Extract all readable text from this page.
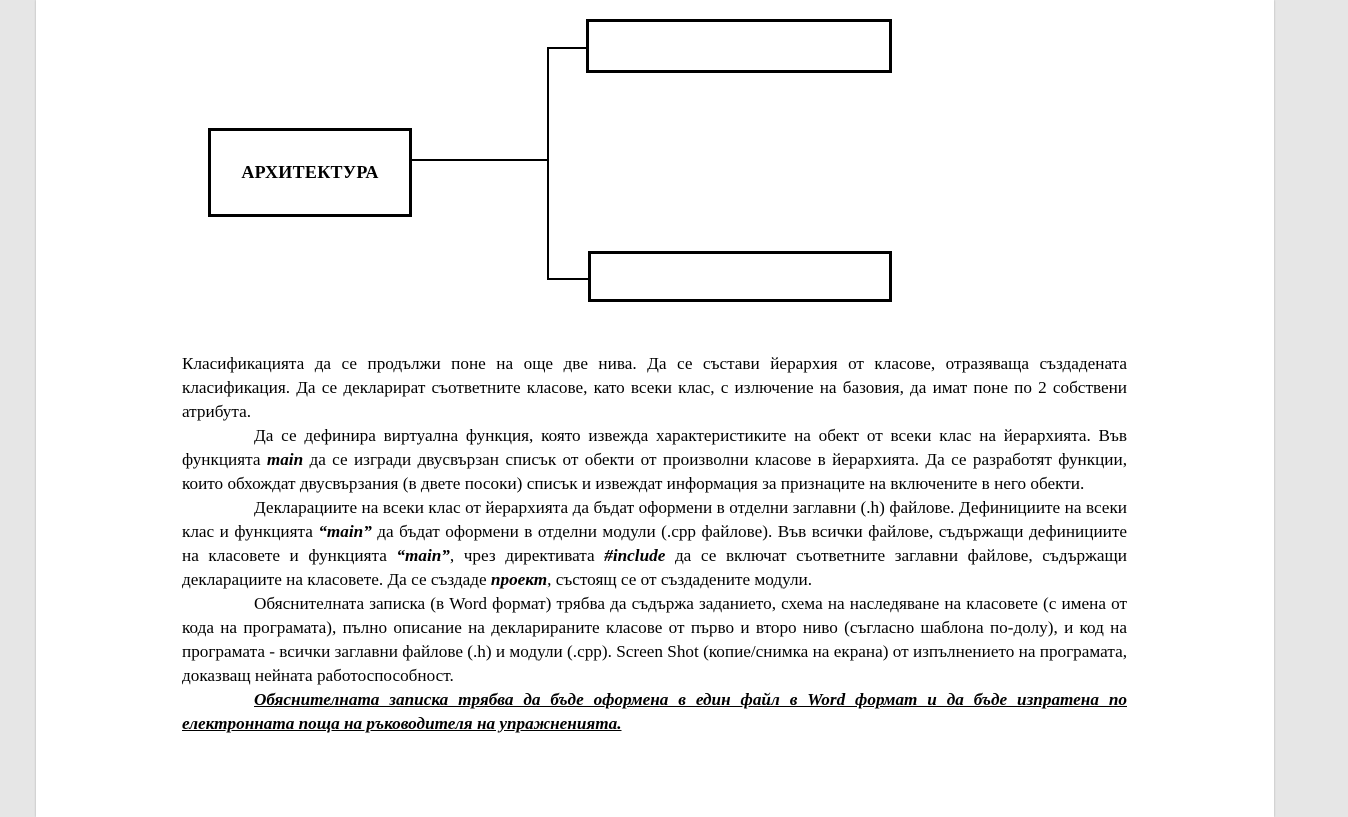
АРХИТЕКТУРА

Класификацията да се продължи поне на още две нива. Да се състави йерархия от класове, отразяваща създадената класификация. Да се декларират съответните класове, като всеки клас, с излючение на базовия, да имат поне по 2 собствени атрибута.

Да се дефинира виртуална функция, която извежда характеристиките на обект от всеки клас на йерархията. Във функцията main да се изгради двусвързан списък от обекти от произволни класове в йерархията. Да се разработят функции, които обхождат двусвързания (в двете посоки) списък и извеждат информация за признаците на включените в него обекти.

Декларациите на всеки клас от йерархията да бъдат оформени в отделни заглавни (.h) файлове. Дефинициите на всеки клас и функцията “main” да бъдат оформени в отделни модули (.cpp файлове). Във всички файлове, съдържащи дефинициите на класовете и функцията “main”, чрез директивата #include да се включат съответните заглавни файлове, съдържащи декларациите на класовете. Да се създаде проект, състоящ се от създадените модули.

Обяснителната записка (в Word формат) трябва да съдържа заданието, схема на наследяване на класовете (с имена от кода на програмата), пълно описание на декларираните класове от първо и второ ниво (съгласно шаблона по-долу), и код на програмата - всички заглавни файлове (.h) и модули (.cpp). Screen Shot (копие/снимка на екрана) от изпълнението на програмата, доказващ нейната работоспособност.

Обяснителната записка трябва да бъде оформена в един файл в Word формат и да бъде изпратена по електронната поща на ръководителя на упражненията.
